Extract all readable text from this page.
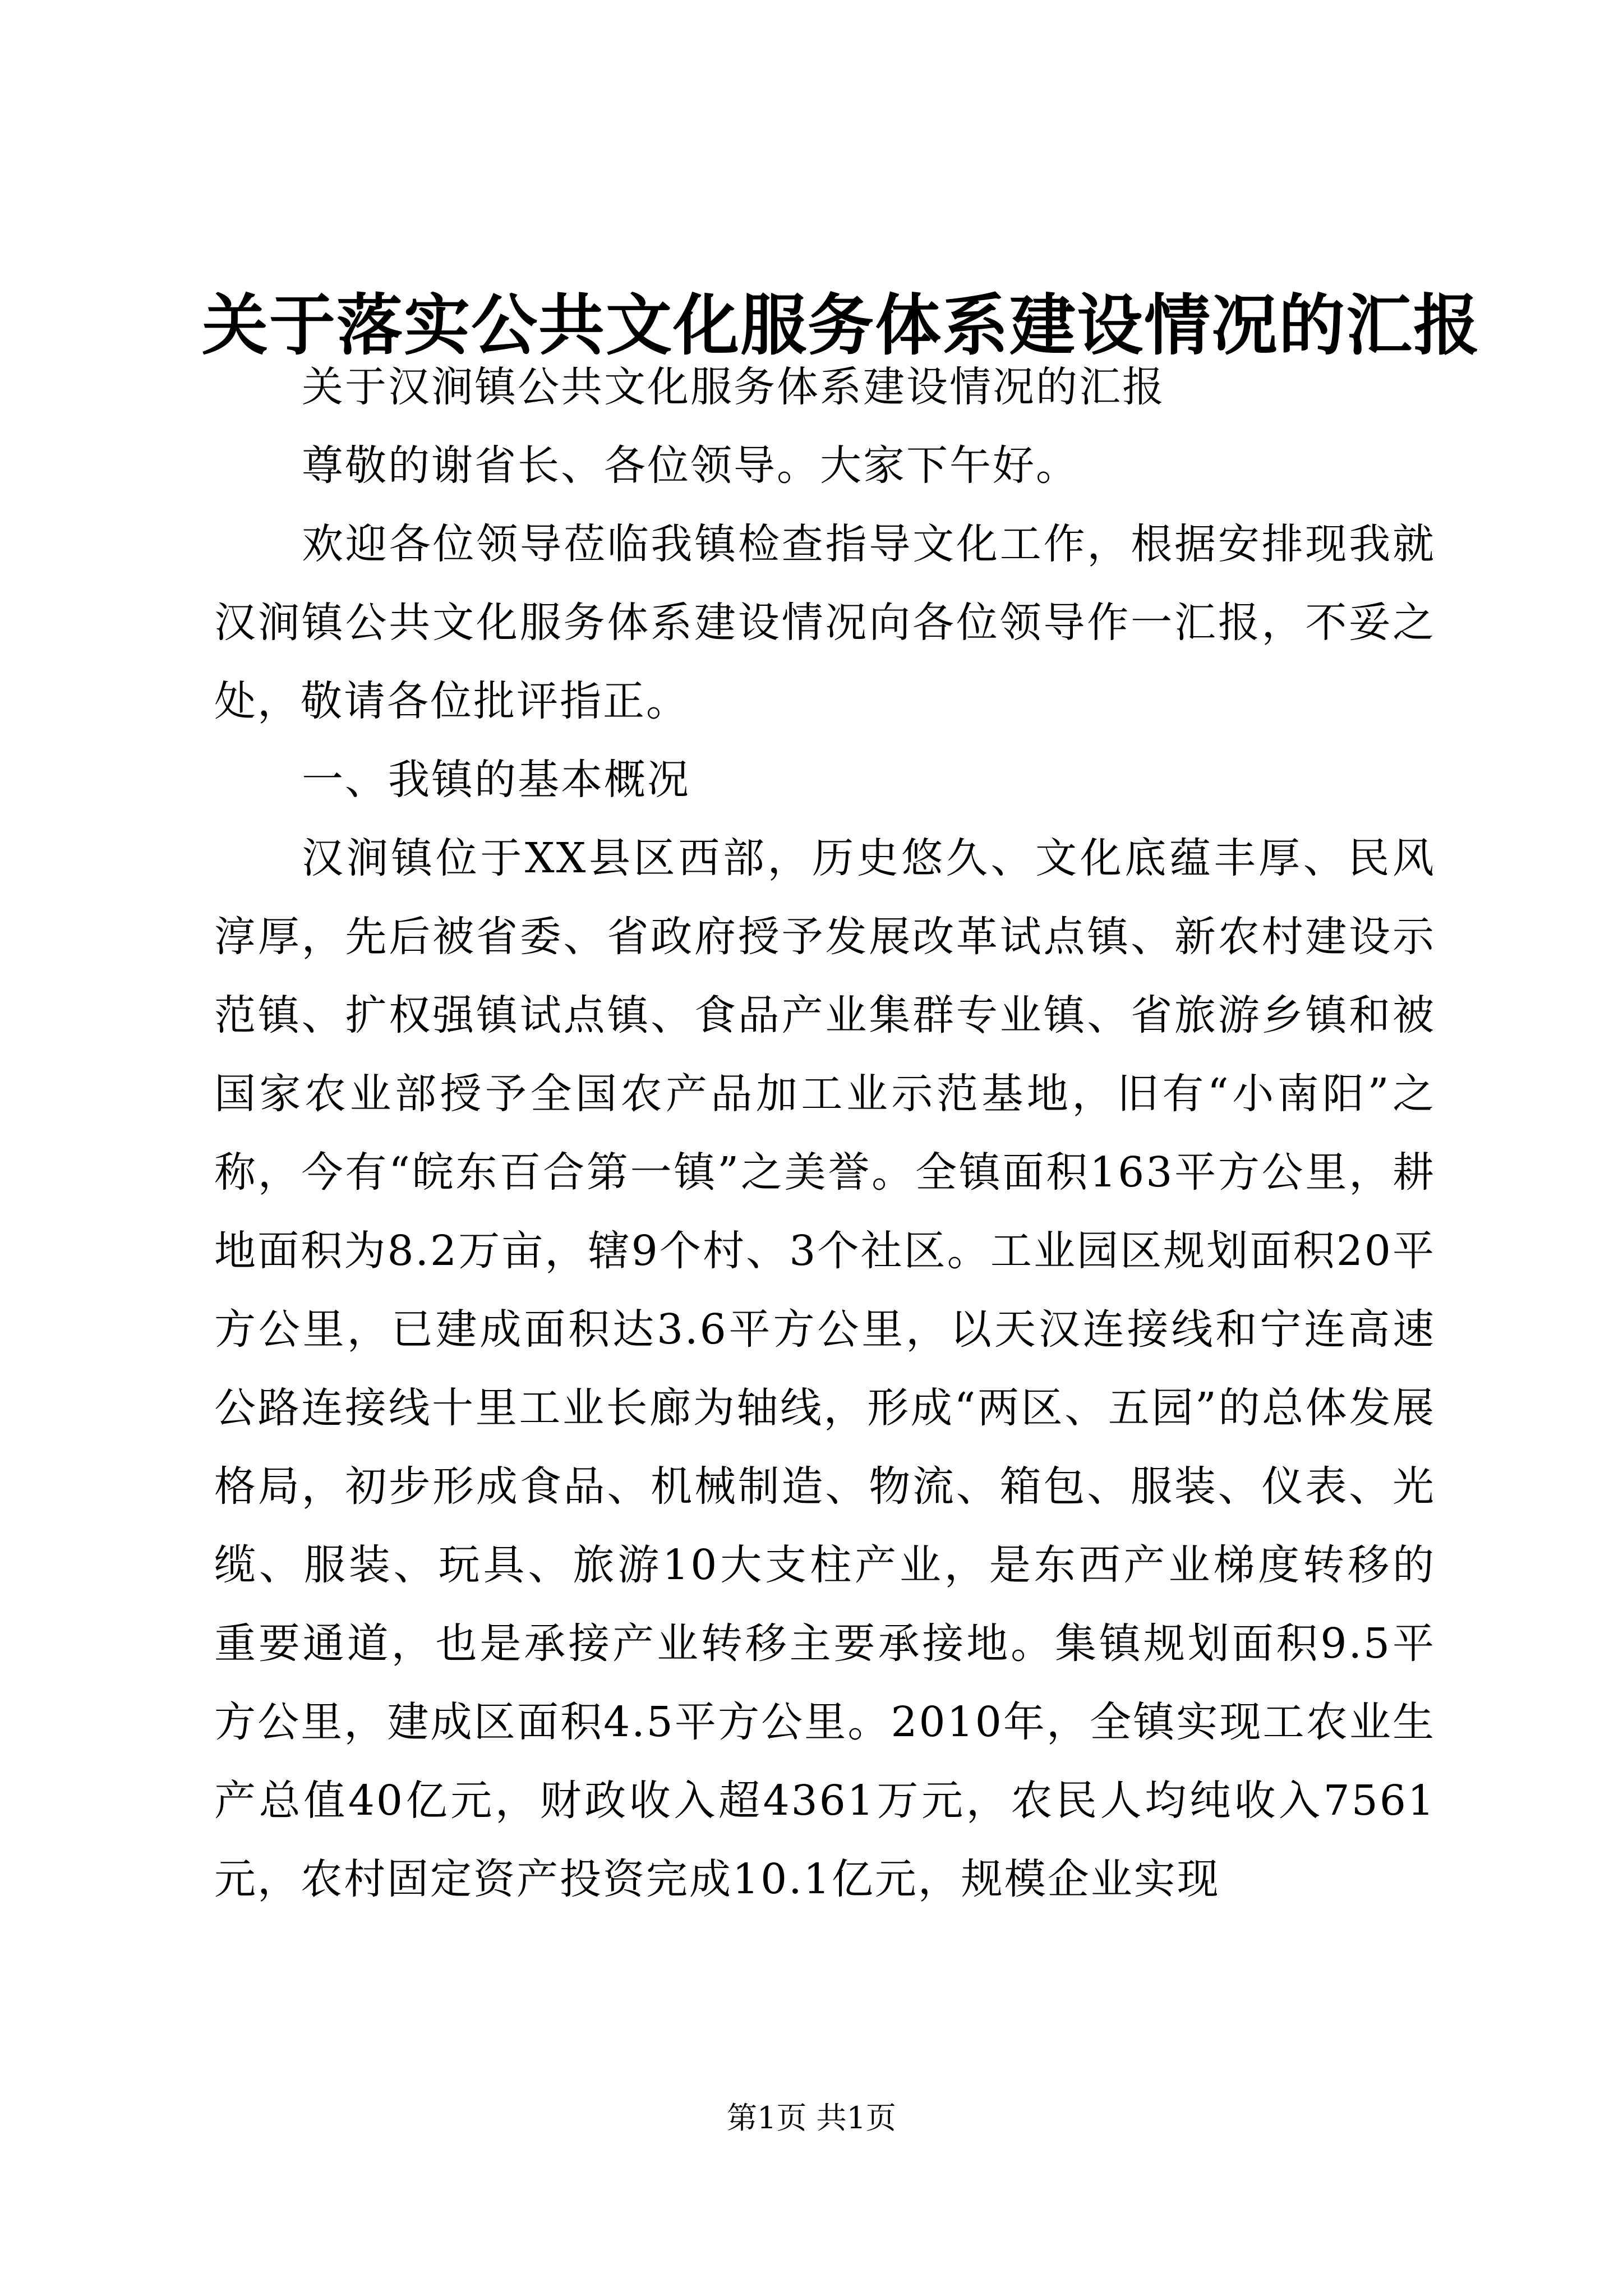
关于落实公共文化服务体系建设情况的汇报

关于汉涧镇公共文化服务体系建设情况的汇报

尊敬的谢省长、各位领导。大家下午好。

欢迎各位领导莅临我镇检查指导文化工作，根据安排现我就汉涧镇公共文化服务体系建设情况向各位领导作一汇报，不妥之处，敬请各位批评指正。

一、我镇的基本概况

汉涧镇位于XX县区西部，历史悠久、文化底蕴丰厚、民风淳厚，先后被省委、省政府授予发展改革试点镇、新农村建设示范镇、扩权强镇试点镇、食品产业集群专业镇、省旅游乡镇和被国家农业部授予全国农产品加工业示范基地，旧有“小南阳”之称，今有“皖东百合第一镇”之美誉。全镇面积163平方公里，耕地面积为8.2万亩，辖9个村、3个社区。工业园区规划面积20平方公里，已建成面积达3.6平方公里，以天汉连接线和宁连高速公路连接线十里工业长廊为轴线，形成“两区、五园”的总体发展格局，初步形成食品、机械制造、物流、箱包、服装、仪表、光缆、服装、玩具、旅游10大支柱产业，是东西产业梯度转移的重要通道，也是承接产业转移主要承接地。集镇规划面积9.5平方公里，建成区面积4.5平方公里。2010年，全镇实现工农业生产总值40亿元，财政收入超4361万元，农民人均纯收入7561元，农村固定资产投资完成10.1亿元，规模企业实现

第1页 共1页
